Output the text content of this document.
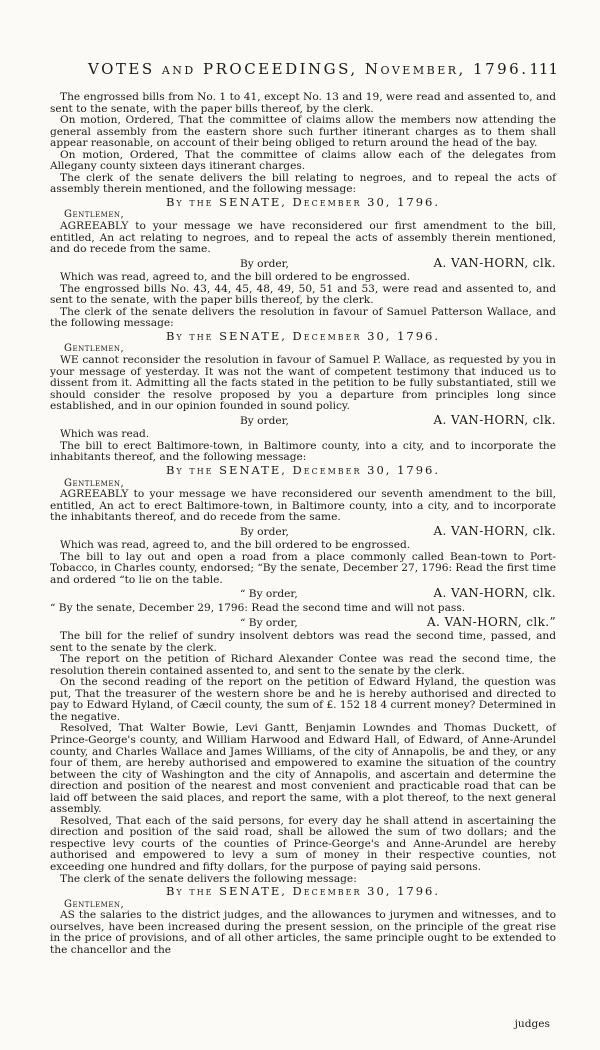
VOTES and PROCEEDINGS, November, 1796. 111

The engrossed bills from No. 1 to 41, except No. 13 and 19, were read and assented to, and sent to the senate, with the paper bills thereof, by the clerk.

On motion, Ordered, That the committee of claims allow the members now attending the general assembly from the eastern shore such further itinerant charges as to them shall appear reasonable, on account of their being obliged to return around the head of the bay.

On motion, Ordered, That the committee of claims allow each of the delegates from Allegany county sixteen days itinerant charges.

The clerk of the senate delivers the bill relating to negroes, and to repeal the acts of assembly therein mentioned, and the following message:

By the SENATE, December 30, 1796.

Gentlemen,

AGREEABLY to your message we have reconsidered our first amendment to the bill, entitled, An act relating to negroes, and to repeal the acts of assembly therein mentioned, and do recede from the same.

By order,	A. VAN-HORN, clk.

Which was read, agreed to, and the bill ordered to be engrossed.

The engrossed bills No. 43, 44, 45, 48, 49, 50, 51 and 53, were read and assented to, and sent to the senate, with the paper bills thereof, by the clerk.

The clerk of the senate delivers the resolution in favour of Samuel Patterson Wallace, and the following message:

By the SENATE, December 30, 1796.

Gentlemen,

WE cannot reconsider the resolution in favour of Samuel P. Wallace, as requested by you in your message of yesterday. It was not the want of competent testimony that induced us to dissent from it. Admitting all the facts stated in the petition to be fully substantiated, still we should consider the resolve proposed by you a departure from principles long since established, and in our opinion founded in sound policy.

By order,	A. VAN-HORN, clk.

Which was read.

The bill to erect Baltimore-town, in Baltimore county, into a city, and to incorporate the inhabitants thereof, and the following message:

By the SENATE, December 30, 1796.

Gentlemen,

AGREEABLY to your message we have reconsidered our seventh amendment to the bill, entitled, An act to erect Baltimore-town, in Baltimore county, into a city, and to incorporate the inhabitants thereof, and do recede from the same.

By order,	A. VAN-HORN, clk.

Which was read, agreed to, and the bill ordered to be engrossed.

The bill to lay out and open a road from a place commonly called Bean-town to Port-Tobacco, in Charles county, endorsed; “By the senate, December 27, 1796: Read the first time and ordered “to lie on the table.

“ By order,	A. VAN-HORN, clk.

“ By the senate, December 29, 1796: Read the second time and will not pass.

“ By order,	A. VAN-HORN, clk.”

The bill for the relief of sundry insolvent debtors was read the second time, passed, and sent to the senate by the clerk.

The report on the petition of Richard Alexander Contee was read the second time, the resolution therein contained assented to, and sent to the senate by the clerk.

On the second reading of the report on the petition of Edward Hyland, the question was put, That the treasurer of the western shore be and he is hereby authorised and directed to pay to Edward Hyland, of Cæcil county, the sum of £. 152 18 4 current money? Determined in the negative.

Resolved, That Walter Bowie, Levi Gantt, Benjamin Lowndes and Thomas Duckett, of Prince-George's county, and William Harwood and Edward Hall, of Edward, of Anne-Arundel county, and Charles Wallace and James Williams, of the city of Annapolis, be and they, or any four of them, are hereby authorised and empowered to examine the situation of the country between the city of Washington and the city of Annapolis, and ascertain and determine the direction and position of the nearest and most convenient and practicable road that can be laid off between the said places, and report the same, with a plot thereof, to the next general assembly.

Resolved, That each of the said persons, for every day he shall attend in ascertaining the direction and position of the said road, shall be allowed the sum of two dollars; and the respective levy courts of the counties of Prince-George's and Anne-Arundel are hereby authorised and empowered to levy a sum of money in their respective counties, not exceeding one hundred and fifty dollars, for the purpose of paying said persons.

The clerk of the senate delivers the following message:

By the SENATE, December 30, 1796.

Gentlemen,

AS the salaries to the district judges, and the allowances to jurymen and witnesses, and to ourselves, have been increased during the present session, on the principle of the great rise in the price of provisions, and of all other articles, the same principle ought to be extended to the chancellor and the

judges
